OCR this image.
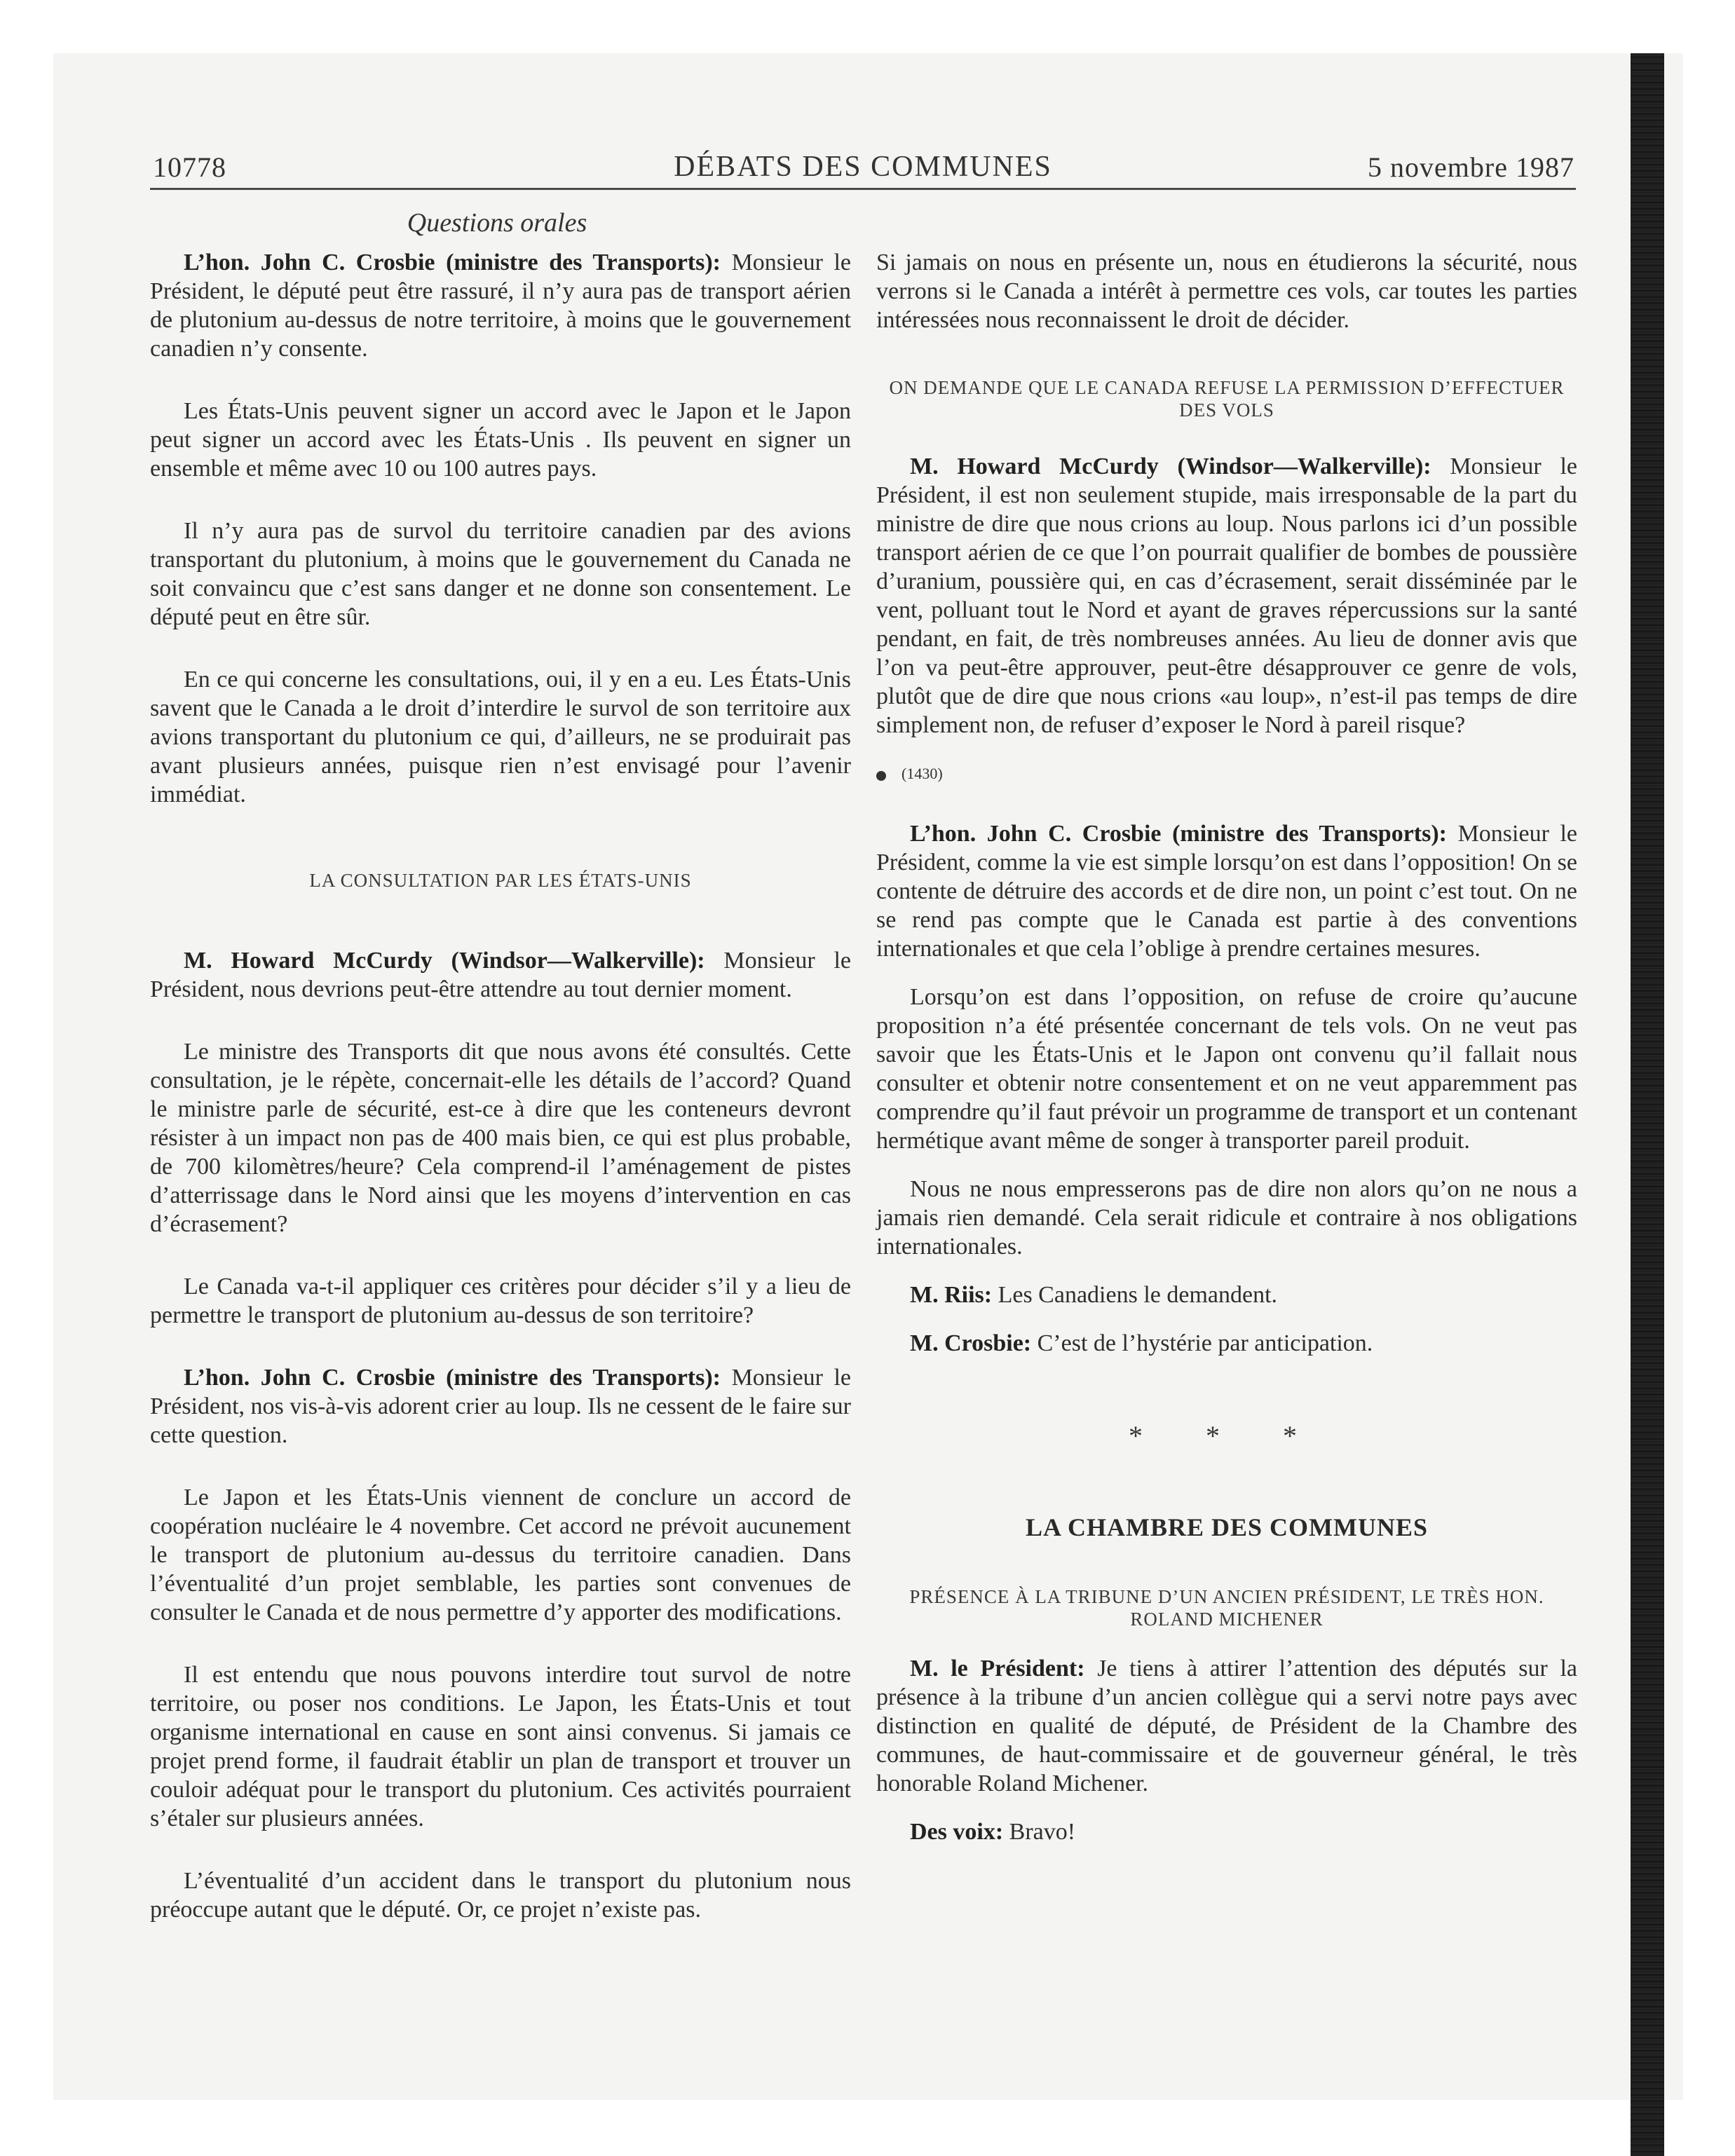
10778	DÉBATS DES COMMUNES	5 novembre 1987
Questions orales

L’hon. John C. Crosbie (ministre des Transports): Monsieur le Président, le député peut être rassuré, il n’y aura pas de transport aérien de plutonium au-dessus de notre territoire, à moins que le gouvernement canadien n’y consente.

Les États-Unis peuvent signer un accord avec le Japon et le Japon peut signer un accord avec les États-Unis . Ils peuvent en signer un ensemble et même avec 10 ou 100 autres pays.

Il n’y aura pas de survol du territoire canadien par des avions transportant du plutonium, à moins que le gouvernement du Canada ne soit convaincu que c’est sans danger et ne donne son consentement. Le député peut en être sûr.

En ce qui concerne les consultations, oui, il y en a eu. Les États-Unis savent que le Canada a le droit d’interdire le survol de son territoire aux avions transportant du plutonium ce qui, d’ailleurs, ne se produirait pas avant plusieurs années, puisque rien n’est envisagé pour l’avenir immédiat.

LA CONSULTATION PAR LES ÉTATS-UNIS

M. Howard McCurdy (Windsor—Walkerville): Monsieur le Président, nous devrions peut-être attendre au tout dernier moment.

Le ministre des Transports dit que nous avons été consultés. Cette consultation, je le répète, concernait-elle les détails de l’accord? Quand le ministre parle de sécurité, est-ce à dire que les conteneurs devront résister à un impact non pas de 400 mais bien, ce qui est plus probable, de 700 kilomètres/heure? Cela comprend-il l’aménagement de pistes d’atterrissage dans le Nord ainsi que les moyens d’intervention en cas d’écrasement?

Le Canada va-t-il appliquer ces critères pour décider s’il y a lieu de permettre le transport de plutonium au-dessus de son territoire?

L’hon. John C. Crosbie (ministre des Transports): Monsieur le Président, nos vis-à-vis adorent crier au loup. Ils ne cessent de le faire sur cette question.

Le Japon et les États-Unis viennent de conclure un accord de coopération nucléaire le 4 novembre. Cet accord ne prévoit aucunement le transport de plutonium au-dessus du territoire canadien. Dans l’éventualité d’un projet semblable, les parties sont convenues de consulter le Canada et de nous permettre d’y apporter des modifications.

Il est entendu que nous pouvons interdire tout survol de notre territoire, ou poser nos conditions. Le Japon, les États-Unis et tout organisme international en cause en sont ainsi convenus. Si jamais ce projet prend forme, il faudrait établir un plan de transport et trouver un couloir adéquat pour le transport du plutonium. Ces activités pourraient s’étaler sur plusieurs années.

L’éventualité d’un accident dans le transport du plutonium nous préoccupe autant que le député. Or, ce projet n’existe pas.

Si jamais on nous en présente un, nous en étudierons la sécurité, nous verrons si le Canada a intérêt à permettre ces vols, car toutes les parties intéressées nous reconnaissent le droit de décider.

ON DEMANDE QUE LE CANADA REFUSE LA PERMISSION D’EFFECTUER DES VOLS

M. Howard McCurdy (Windsor—Walkerville): Monsieur le Président, il est non seulement stupide, mais irresponsable de la part du ministre de dire que nous crions au loup. Nous parlons ici d’un possible transport aérien de ce que l’on pourrait qualifier de bombes de poussière d’uranium, poussière qui, en cas d’écrasement, serait disséminée par le vent, polluant tout le Nord et ayant de graves répercussions sur la santé pendant, en fait, de très nombreuses années. Au lieu de donner avis que l’on va peut-être approuver, peut-être désapprouver ce genre de vols, plutôt que de dire que nous crions «au loup», n’est-il pas temps de dire simplement non, de refuser d’exposer le Nord à pareil risque?

(1430)

L’hon. John C. Crosbie (ministre des Transports): Monsieur le Président, comme la vie est simple lorsqu’on est dans l’opposition! On se contente de détruire des accords et de dire non, un point c’est tout. On ne se rend pas compte que le Canada est partie à des conventions internationales et que cela l’oblige à prendre certaines mesures.

Lorsqu’on est dans l’opposition, on refuse de croire qu’aucune proposition n’a été présentée concernant de tels vols. On ne veut pas savoir que les États-Unis et le Japon ont convenu qu’il fallait nous consulter et obtenir notre consentement et on ne veut apparemment pas comprendre qu’il faut prévoir un programme de transport et un contenant hermétique avant même de songer à transporter pareil produit.

Nous ne nous empresserons pas de dire non alors qu’on ne nous a jamais rien demandé. Cela serait ridicule et contraire à nos obligations internationales.

M. Riis: Les Canadiens le demandent.

M. Crosbie: C’est de l’hystérie par anticipation.

* * *
LA CHAMBRE DES COMMUNES
PRÉSENCE À LA TRIBUNE D’UN ANCIEN PRÉSIDENT, LE TRÈS HON. ROLAND MICHENER

M. le Président: Je tiens à attirer l’attention des députés sur la présence à la tribune d’un ancien collègue qui a servi notre pays avec distinction en qualité de député, de Président de la Chambre des communes, de haut-commissaire et de gouverneur général, le très honorable Roland Michener.

Des voix: Bravo!
